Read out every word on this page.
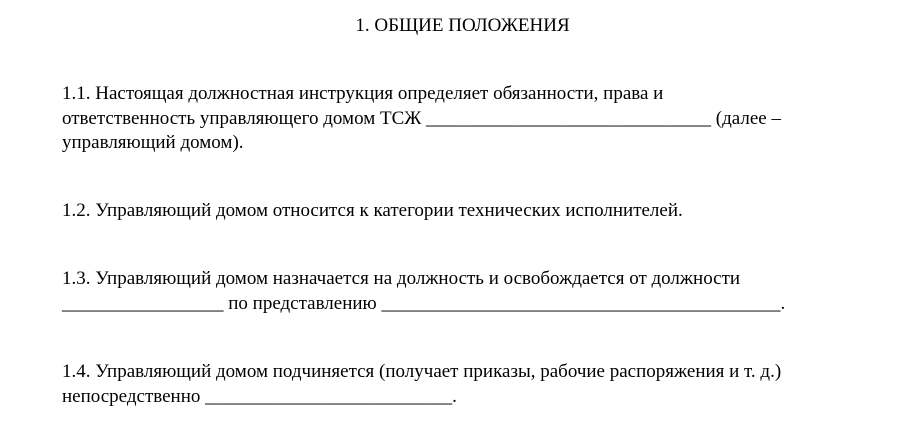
1. ОБЩИЕ ПОЛОЖЕНИЯ
1.1. Настоящая должностная инструкция определяет обязанности, права и
ответственность управляющего домом ТСЖ ______________________________ (далее –
управляющий домом).
1.2. Управляющий домом относится к категории технических исполнителей.
1.3. Управляющий домом назначается на должность и освобождается от должности
_________________ по представлению __________________________________________.
1.4. Управляющий домом подчиняется (получает приказы, рабочие распоряжения и т. д.)
непосредственно __________________________.
